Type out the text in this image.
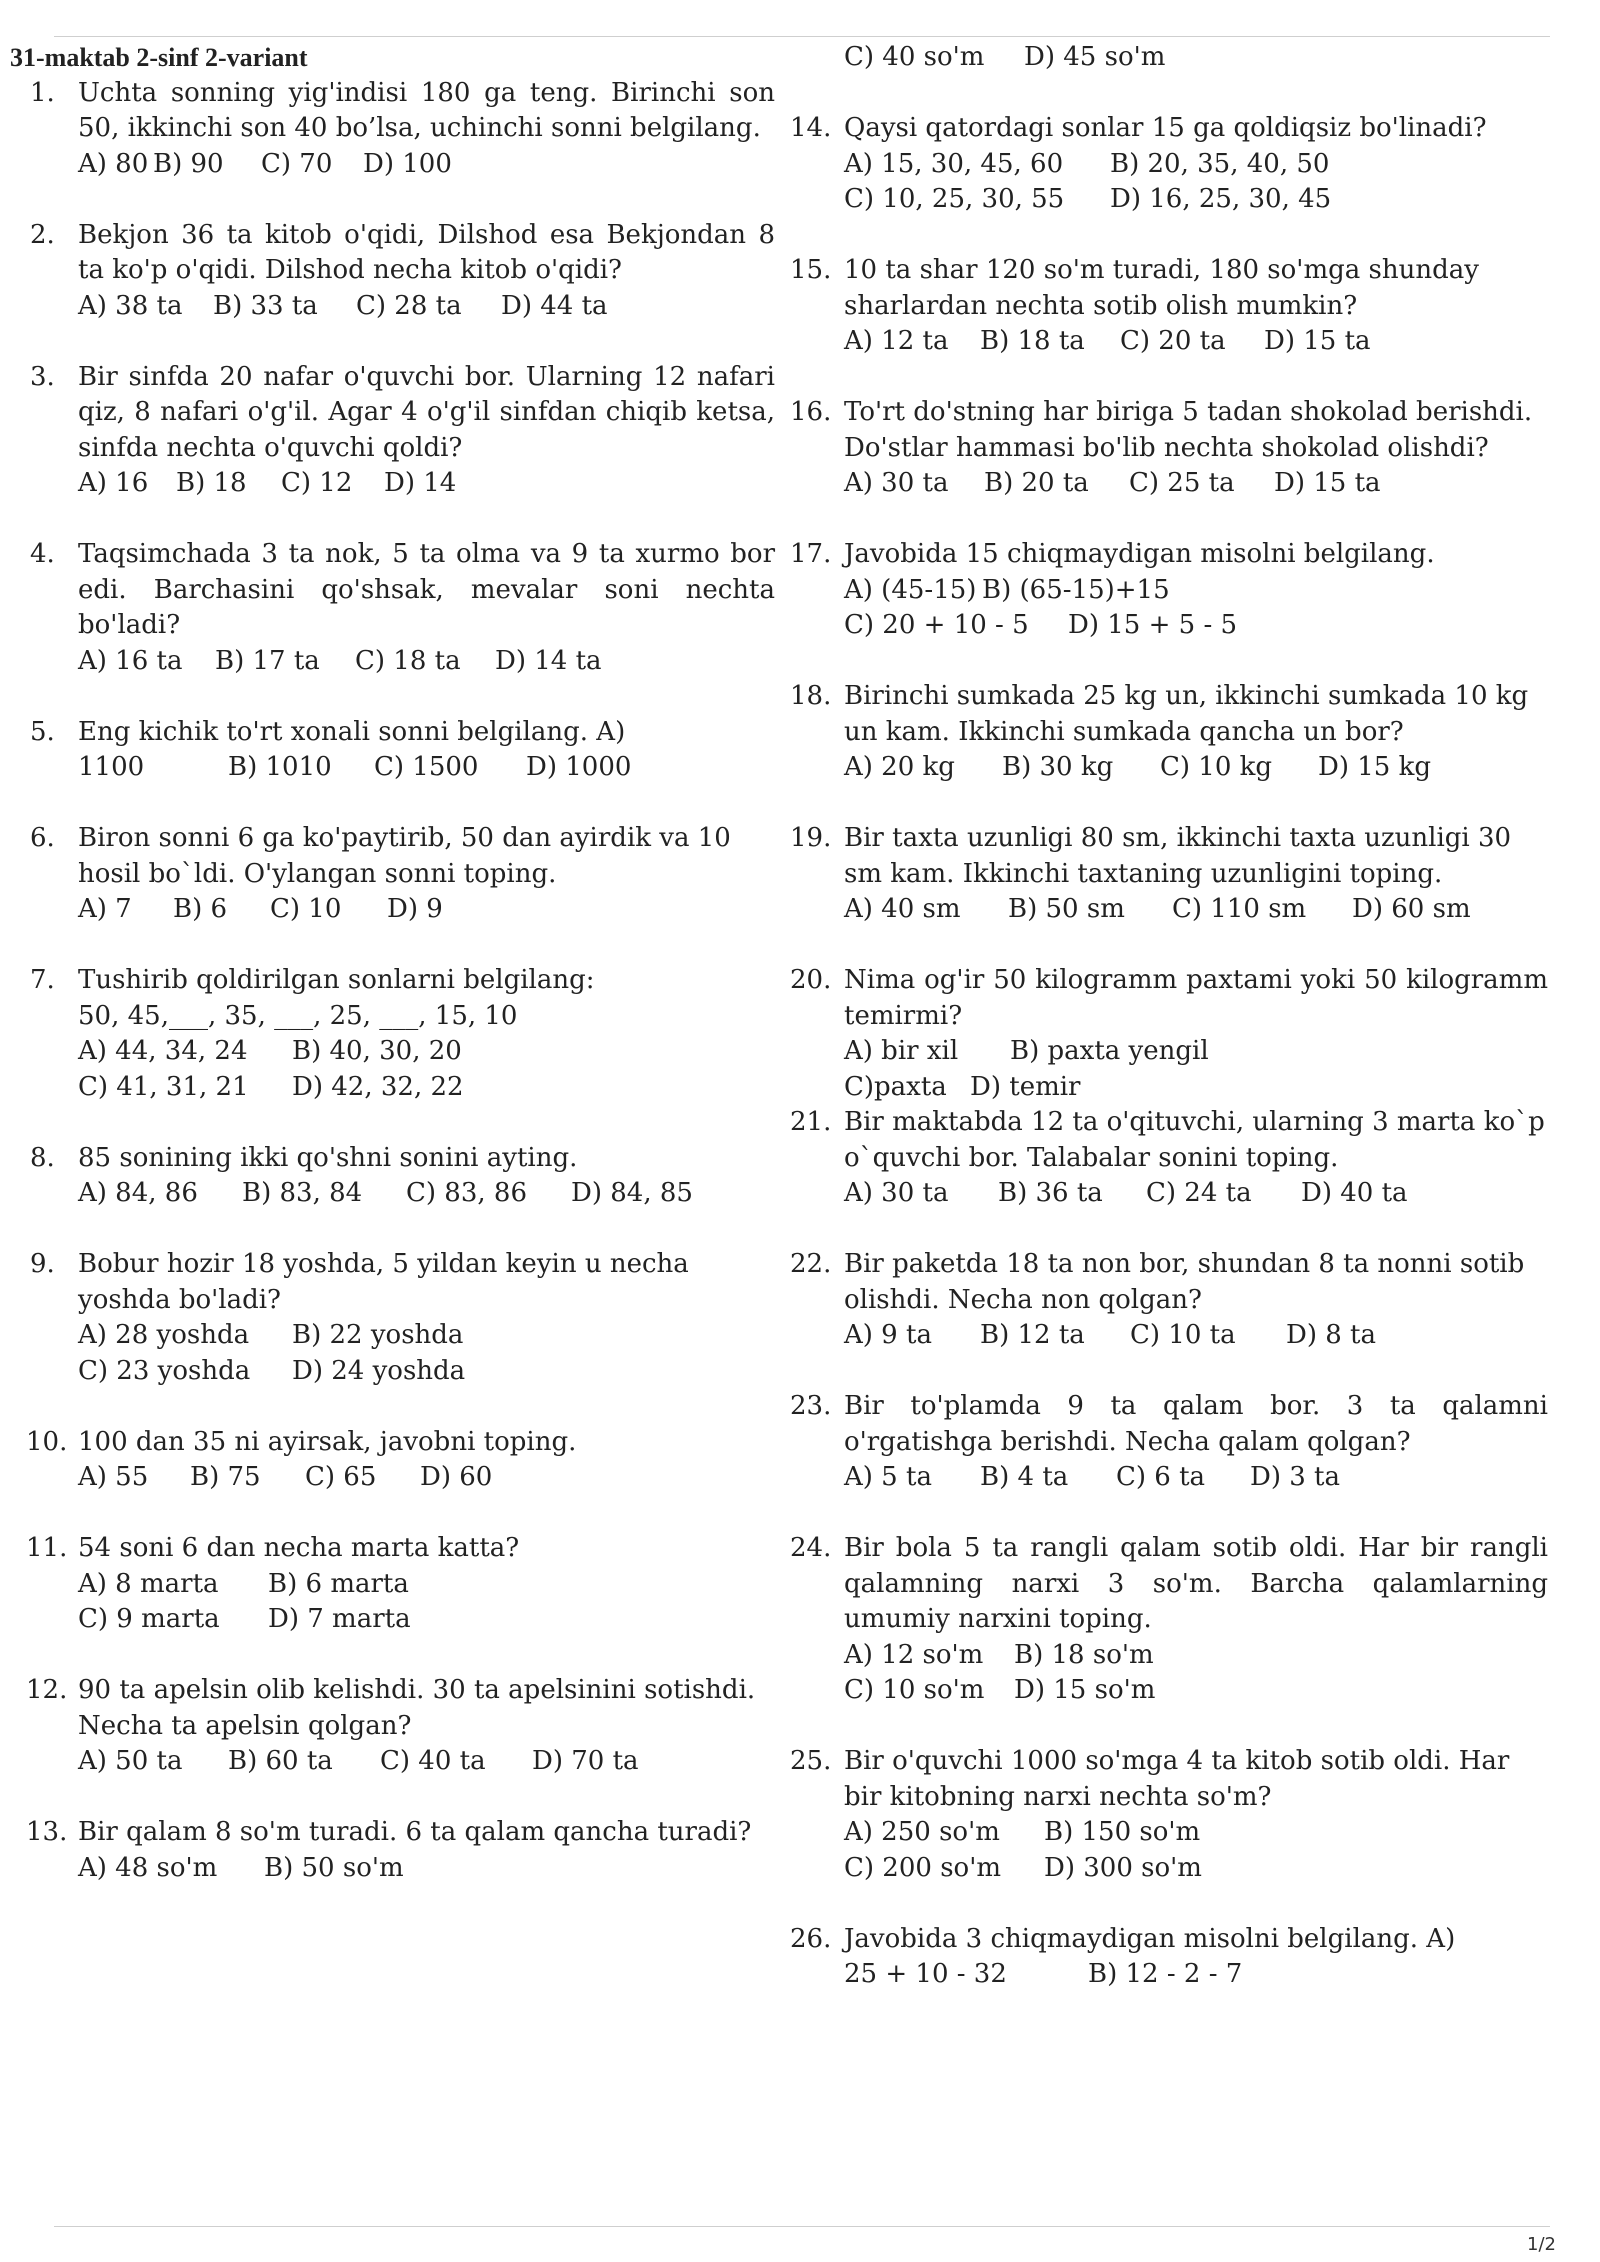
31-maktab 2-sinf 2-variant
1. Uchta sonning yig'indisi 180 ga teng. Birinchi son 50, ikkinchi son 40 bo’lsa, uchinchi sonni belgilang.
A) 80 B) 90 C) 70 D) 100
2. Bekjon 36 ta kitob o'qidi, Dilshod esa Bekjondan 8 ta ko'p o'qidi. Dilshod necha kitob o'qidi?
A) 38 ta B) 33 ta C) 28 ta D) 44 ta
3. Bir sinfda 20 nafar o'quvchi bor. Ularning 12 nafari qiz, 8 nafari o'g'il. Agar 4 o'g'il sinfdan chiqib ketsa, sinfda nechta o'quvchi qoldi?
A) 16 B) 18 C) 12 D) 14
4. Taqsimchada 3 ta nok, 5 ta olma va 9 ta xurmo bor edi. Barchasini qo'shsak, mevalar soni nechta bo'ladi?
A) 16 ta B) 17 ta C) 18 ta D) 14 ta
5. Eng kichik to'rt xonali sonni belgilang. A)
1100	B) 1010 C) 1500 D) 1000
6. Biron sonni 6 ga ko'paytirib, 50 dan ayirdik va 10 hosil bo`ldi. O'ylangan sonni toping.
A) 7 B) 6 C) 10 D) 9
7. Tushirib qoldirilgan sonlarni belgilang:
50, 45,___, 35, ___, 25, ___, 15, 10
A) 44, 34, 24 B) 40, 30, 20
C) 41, 31, 21 D) 42, 32, 22
8. 85 sonining ikki qo'shni sonini ayting.
A) 84, 86 B) 83, 84 C) 83, 86 D) 84, 85
9. Bobur hozir 18 yoshda, 5 yildan keyin u necha yoshda bo'ladi?
A) 28 yoshda B) 22 yoshda
C) 23 yoshda D) 24 yoshda
10. 100 dan 35 ni ayirsak, javobni toping.
A) 55 B) 75 C) 65 D) 60
11. 54 soni 6 dan necha marta katta?
A) 8 marta B) 6 marta
C) 9 marta D) 7 marta
12. 90 ta apelsin olib kelishdi. 30 ta apelsinini sotishdi. Necha ta apelsin qolgan?
A) 50 ta B) 60 ta C) 40 ta D) 70 ta
13. Bir qalam 8 so'm turadi. 6 ta qalam qancha turadi?
A) 48 so'm B) 50 so'm
C) 40 so'm D) 45 so'm
14. Qaysi qatordagi sonlar 15 ga qoldiqsiz bo'linadi?
A) 15, 30, 45, 60 B) 20, 35, 40, 50
C) 10, 25, 30, 55 D) 16, 25, 30, 45
15. 10 ta shar 120 so'm turadi, 180 so'mga shunday sharlardan nechta sotib olish mumkin?
A) 12 ta B) 18 ta C) 20 ta D) 15 ta
16. To'rt do'stning har biriga 5 tadan shokolad berishdi. Do'stlar hammasi bo'lib nechta shokolad olishdi?
A) 30 ta B) 20 ta C) 25 ta D) 15 ta
17. Javobida 15 chiqmaydigan misolni belgilang.
A) (45-15) B) (65-15)+15
C) 20 + 10 - 5 D) 15 + 5 - 5
18. Birinchi sumkada 25 kg un, ikkinchi sumkada 10 kg un kam. Ikkinchi sumkada qancha un bor?
A) 20 kg B) 30 kg C) 10 kg D) 15 kg
19. Bir taxta uzunligi 80 sm, ikkinchi taxta uzunligi 30 sm kam. Ikkinchi taxtaning uzunligini toping.
A) 40 sm B) 50 sm C) 110 sm D) 60 sm
20. Nima og'ir 50 kilogramm paxtami yoki 50 kilogramm temirmi?
A) bir xil B) paxta yengil
C)paxta D) temir
21. Bir maktabda 12 ta o'qituvchi, ularning 3 marta ko`p o`quvchi bor. Talabalar sonini toping.
A) 30 ta B) 36 ta C) 24 ta D) 40 ta
22. Bir paketda 18 ta non bor, shundan 8 ta nonni sotib olishdi. Necha non qolgan?
A) 9 ta B) 12 ta C) 10 ta D) 8 ta
23. Bir to'plamda 9 ta qalam bor. 3 ta qalamni o'rgatishga berishdi. Necha qalam qolgan?
A) 5 ta B) 4 ta C) 6 ta D) 3 ta
24. Bir bola 5 ta rangli qalam sotib oldi. Har bir rangli qalamning narxi 3 so'm. Barcha qalamlarning umumiy narxini toping.
A) 12 so'm B) 18 so'm
C) 10 so'm D) 15 so'm
25. Bir o'quvchi 1000 so'mga 4 ta kitob sotib oldi. Har bir kitobning narxi nechta so'm?
A) 250 so'm B) 150 so'm
C) 200 so'm D) 300 so'm
26. Javobida 3 chiqmaydigan misolni belgilang. A)
25 + 10 - 32	B) 12 - 2 - 7
1/2
